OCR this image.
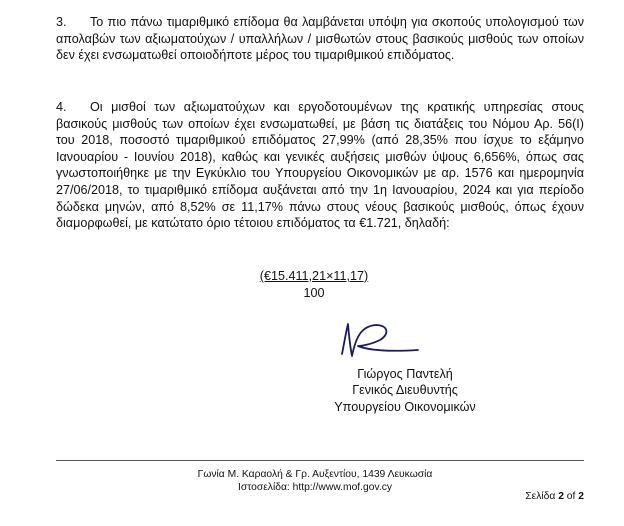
3. Το πιο πάνω τιμαριθμικό επίδομα θα λαμβάνεται υπόψη για σκοπούς υπολογισμού των απολαβών των αξιωματούχων / υπαλλήλων / μισθωτών στους βασικούς μισθούς των οποίων δεν έχει ενσωματωθεί οποιοδήποτε μέρος του τιμαριθμικού επιδόματος.
4. Οι μισθοί των αξιωματούχων και εργοδοτουμένων της κρατικής υπηρεσίας στους βασικούς μισθούς των οποίων έχει ενσωματωθεί, με βάση τις διατάξεις του Νόμου Αρ. 56(Ι) του 2018, ποσοστό τιμαριθμικού επιδόματος 27,99% (από 28,35% που ίσχυε το εξάμηνο Ιανουαρίου - Ιουνίου 2018), καθώς και γενικές αυξήσεις μισθών ύψους 6,656%, όπως σας γνωστοποιήθηκε με την Εγκύκλιο του Υπουργείου Οικονομικών με αρ. 1576 και ημερομηνία 27/06/2018, το τιμαριθμικό επίδομα αυξάνεται από την 1η Ιανουαρίου, 2024 και για περίοδο δώδεκα μηνών, από 8,52% σε 11,17% πάνω στους νέους βασικούς μισθούς, όπως έχουν διαμορφωθεί, με κατώτατο όριο τέτοιου επιδόματος τα €1.721, δηλαδή:
$\frac{(€15.411,21\times 11,17)}{100}$
Γιώργος Παντελή
Γενικός Διευθυντής
Υπουργείου Οικονομικών
Γωνία Μ. Καραολή & Γρ. Αυξεντίου, 1439 Λευκωσία
Ιστοσελίδα: http://www.mof.gov.cy
Σελίδα 2 of 2
